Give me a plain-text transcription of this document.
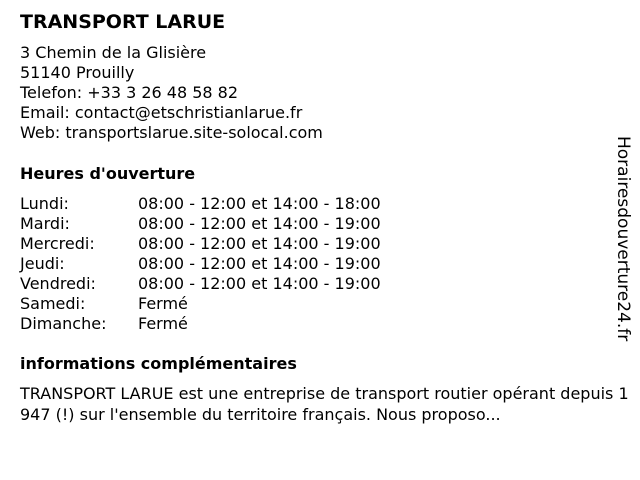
TRANSPORT LARUE
3 Chemin de la Glisière
51140 Prouilly
Telefon: +33 3 26 48 58 82
Email: contact@etschristianlarue.fr
Web: transportslarue.site-solocal.com
Heures d'ouverture
Lundi:	08:00 - 12:00 et 14:00 - 18:00
Mardi:	08:00 - 12:00 et 14:00 - 19:00
Mercredi:	08:00 - 12:00 et 14:00 - 19:00
Jeudi:	08:00 - 12:00 et 14:00 - 19:00
Vendredi:	08:00 - 12:00 et 14:00 - 19:00
Samedi:	Fermé
Dimanche: Fermé
informations complémentaires
TRANSPORT LARUE est une entreprise de transport routier opérant depuis 1947 (!) sur l'ensemble du territoire français. Nous proposo...
Horairesdouverture24.fr
